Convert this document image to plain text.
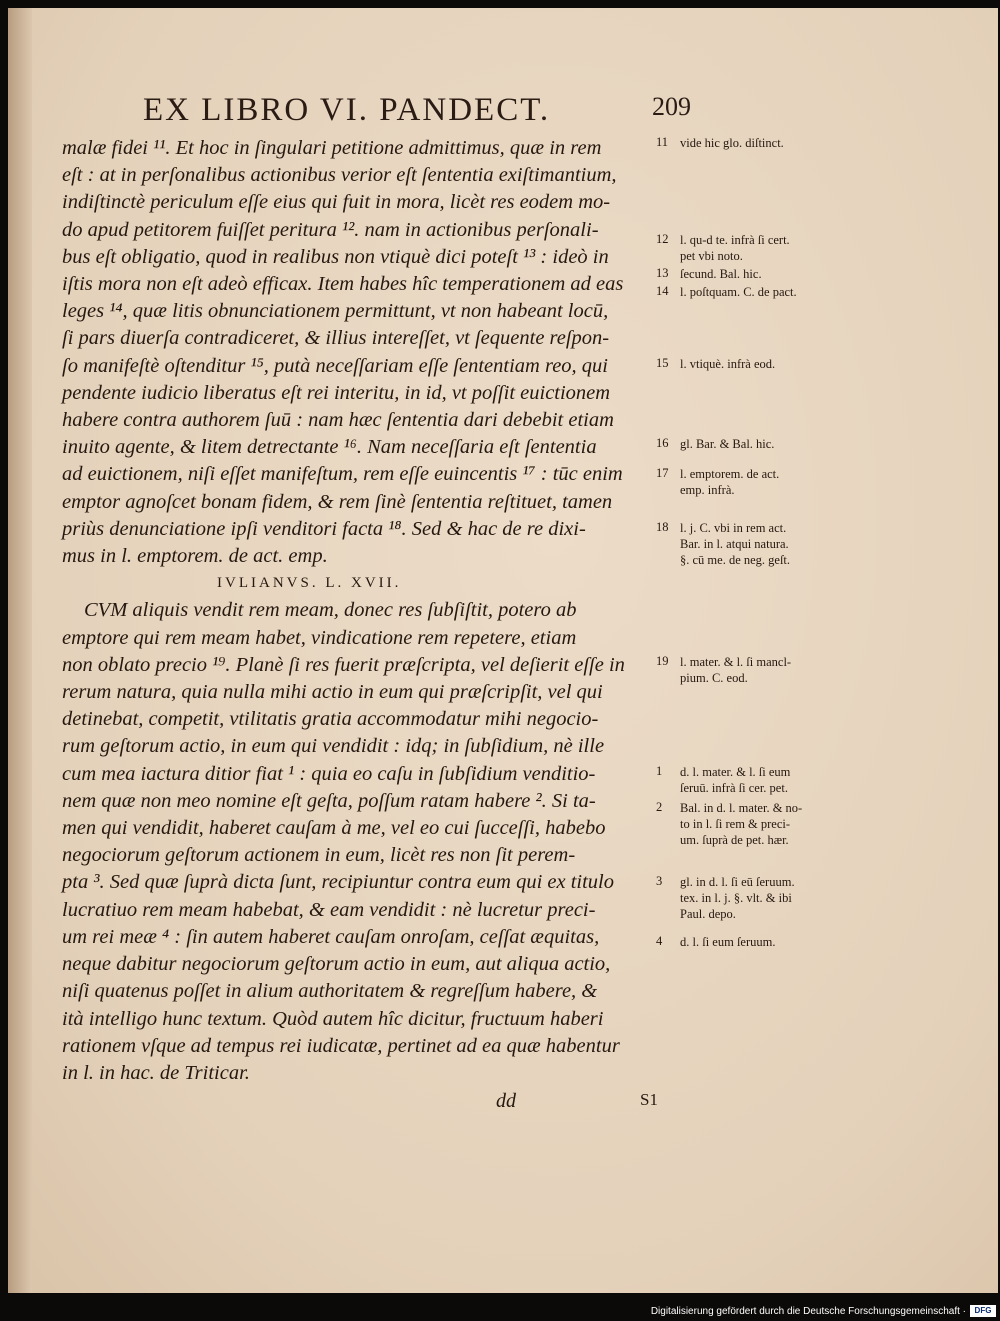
EX LIBRO VI. PANDECT.	209
malæ fidei ¹¹. Et hoc in ſingulari petitione admittimus, quæ in rem
eſt : at in perſonalibus actionibus verior eſt ſententia exiſtimantium,
indiſtinctè periculum eſſe eius qui fuit in mora, licèt res eodem mo-
do apud petitorem fuiſſet peritura ¹². nam in actionibus perſonali-
bus eſt obligatio, quod in realibus non vtiquè dici poteſt ¹³ : ideò in
iſtis mora non eſt adeò efficax. Item habes hîc temperationem ad eas
leges ¹⁴, quæ litis obnunciationem permittunt, vt non habeant locū,
ſi pars diuerſa contradiceret, & illius intereſſet, vt ſequente reſpon-
ſo manifeſtè oſtenditur ¹⁵, putà neceſſariam eſſe ſententiam reo, qui
pendente iudicio liberatus eſt rei interitu, in id, vt poſſit euictionem
habere contra authorem ſuū : nam hæc ſententia dari debebit etiam
inuito agente, & litem detrectante ¹⁶. Nam neceſſaria eſt ſententia
ad euictionem, niſi eſſet manifeſtum, rem eſſe euincentis ¹⁷ : tūc enim
emptor agnoſcet bonam fidem, & rem ſinè ſententia reſtituet, tamen
priùs denunciatione ipſi venditori facta ¹⁸. Sed & hac de re dixi-
mus in l. emptorem. de act. emp.
IVLIANVS. L. XVII.
CVM aliquis vendit rem meam, donec res ſubſiſtit, potero ab
emptore qui rem meam habet, vindicatione rem repetere, etiam
non oblato precio ¹⁹. Planè ſi res fuerit præſcripta, vel deſierit eſſe in
rerum natura, quia nulla mihi actio in eum qui præſcripſit, vel qui
detinebat, competit, vtilitatis gratia accommodatur mihi negocio-
rum geſtorum actio, in eum qui vendidit : idq; in ſubſidium, nè ille
cum mea iactura ditior fiat ¹ : quia eo caſu in ſubſidium venditio-
nem quæ non meo nomine eſt geſta, poſſum ratam habere ². Si ta-
men qui vendidit, haberet cauſam à me, vel eo cui ſucceſſi, habebo
negociorum geſtorum actionem in eum, licèt res non ſit perem-
pta ³. Sed quæ ſuprà dicta ſunt, recipiuntur contra eum qui ex titulo
lucratiuo rem meam habebat, & eam vendidit : nè lucretur preci-
um rei meæ ⁴ : ſin autem haberet cauſam onroſam, ceſſat æquitas,
neque dabitur negociorum geſtorum actio in eum, aut aliqua actio,
niſi quatenus poſſet in alium authoritatem & regreſſum habere, &
ità intelligo hunc textum. Quòd autem hîc dicitur, fructuum haberi
rationem vſque ad tempus rei iudicatæ, pertinet ad ea quæ habentur
in l. in hac. de Triticar.
11 vide hic glo. diſtinct.
12 l. qu-d te. infrà ſi cert.
pet vbi noto.
13 ſecund. Bal. hic.
14 l. poſtquam. C. de pact.
15 l. vtiquè. infrà eod.
16 gl. Bar. & Bal. hic.
17 l. emptorem. de act.
emp. infrà.
18 l. j. C. vbi in rem act.
Bar. in l. atqui natura.
§. cū me. de neg. geſt.
19 l. mater. & l. ſi mancl-
pium. C. eod.
1 d. l. mater. & l. ſi eum
ſeruū. infrà ſi cer. pet.
2 Bal. in d. l. mater. & no-
to in l. ſi rem & preci-
um. ſuprà de pet. hær.
3 gl. in d. l. ſi eū ſeruum.
tex. in l. j. §. vlt. & ibi
Paul. depo.
4 d. l. ſi eum ſeruum.
dd	S1
Digitalisierung gefördert durch die Deutsche Forschungsgemeinschaft ·	DFG
